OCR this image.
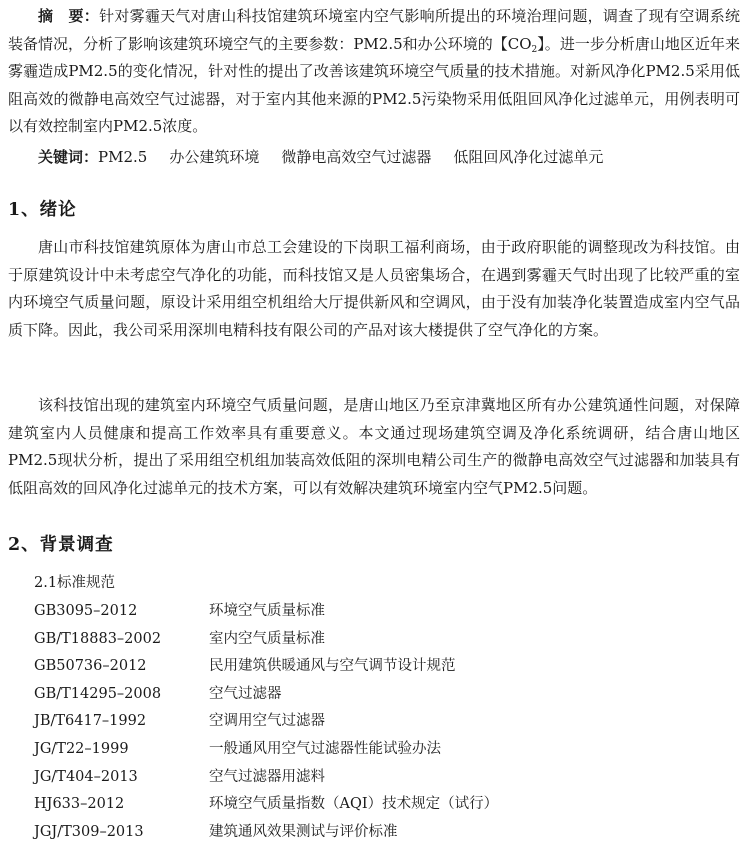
摘　要：针对雾霾天气对唐山科技馆建筑环境室内空气影响所提出的环境治理问题，调查了现有空调系统装备情况，分析了影响该建筑环境空气的主要参数：PM2.5和办公环境的【$CO_2$】。进一步分析唐山地区近年来雾霾造成PM2.5的变化情况，针对性的提出了改善该建筑环境空气质量的技术措施。对新风净化PM2.5采用低阻高效的微静电高效空气过滤器，对于室内其他来源的PM2.5污染物采用低阻回风净化过滤单元，用例表明可以有效控制室内PM2.5浓度。

关键词：PM2.5 办公建筑环境 微静电高效空气过滤器 低阻回风净化过滤单元

1、绪论

唐山市科技馆建筑原体为唐山市总工会建设的下岗职工福利商场，由于政府职能的调整现改为科技馆。由于原建筑设计中未考虑空气净化的功能，而科技馆又是人员密集场合，在遇到雾霾天气时出现了比较严重的室内环境空气质量问题，原设计采用组空机组给大厅提供新风和空调风，由于没有加装净化装置造成室内空气品质下降。因此，我公司采用深圳电精科技有限公司的产品对该大楼提供了空气净化的方案。

该科技馆出现的建筑室内环境空气质量问题，是唐山地区乃至京津冀地区所有办公建筑通性问题，对保障建筑室内人员健康和提高工作效率具有重要意义。本文通过现场建筑空调及净化系统调研，结合唐山地区PM2.5现状分析，提出了采用组空机组加装高效低阻的深圳电精公司生产的微静电高效空气过滤器和加装具有低阻高效的回风净化过滤单元的技术方案，可以有效解决建筑环境室内空气PM2.5问题。

2、背景调查

2.1标准规范

GB3095–2012	环境空气质量标准
GB/T18883–2002	室内空气质量标准
GB50736–2012	民用建筑供暖通风与空气调节设计规范
GB/T14295–2008	空气过滤器
JB/T6417–1992	空调用空气过滤器
JG/T22–1999	一般通风用空气过滤器性能试验办法
JG/T404–2013	空气过滤器用滤料
HJ633–2012	环境空气质量指数（AQI）技术规定（试行）
JGJ/T309–2013	建筑通风效果测试与评价标准
